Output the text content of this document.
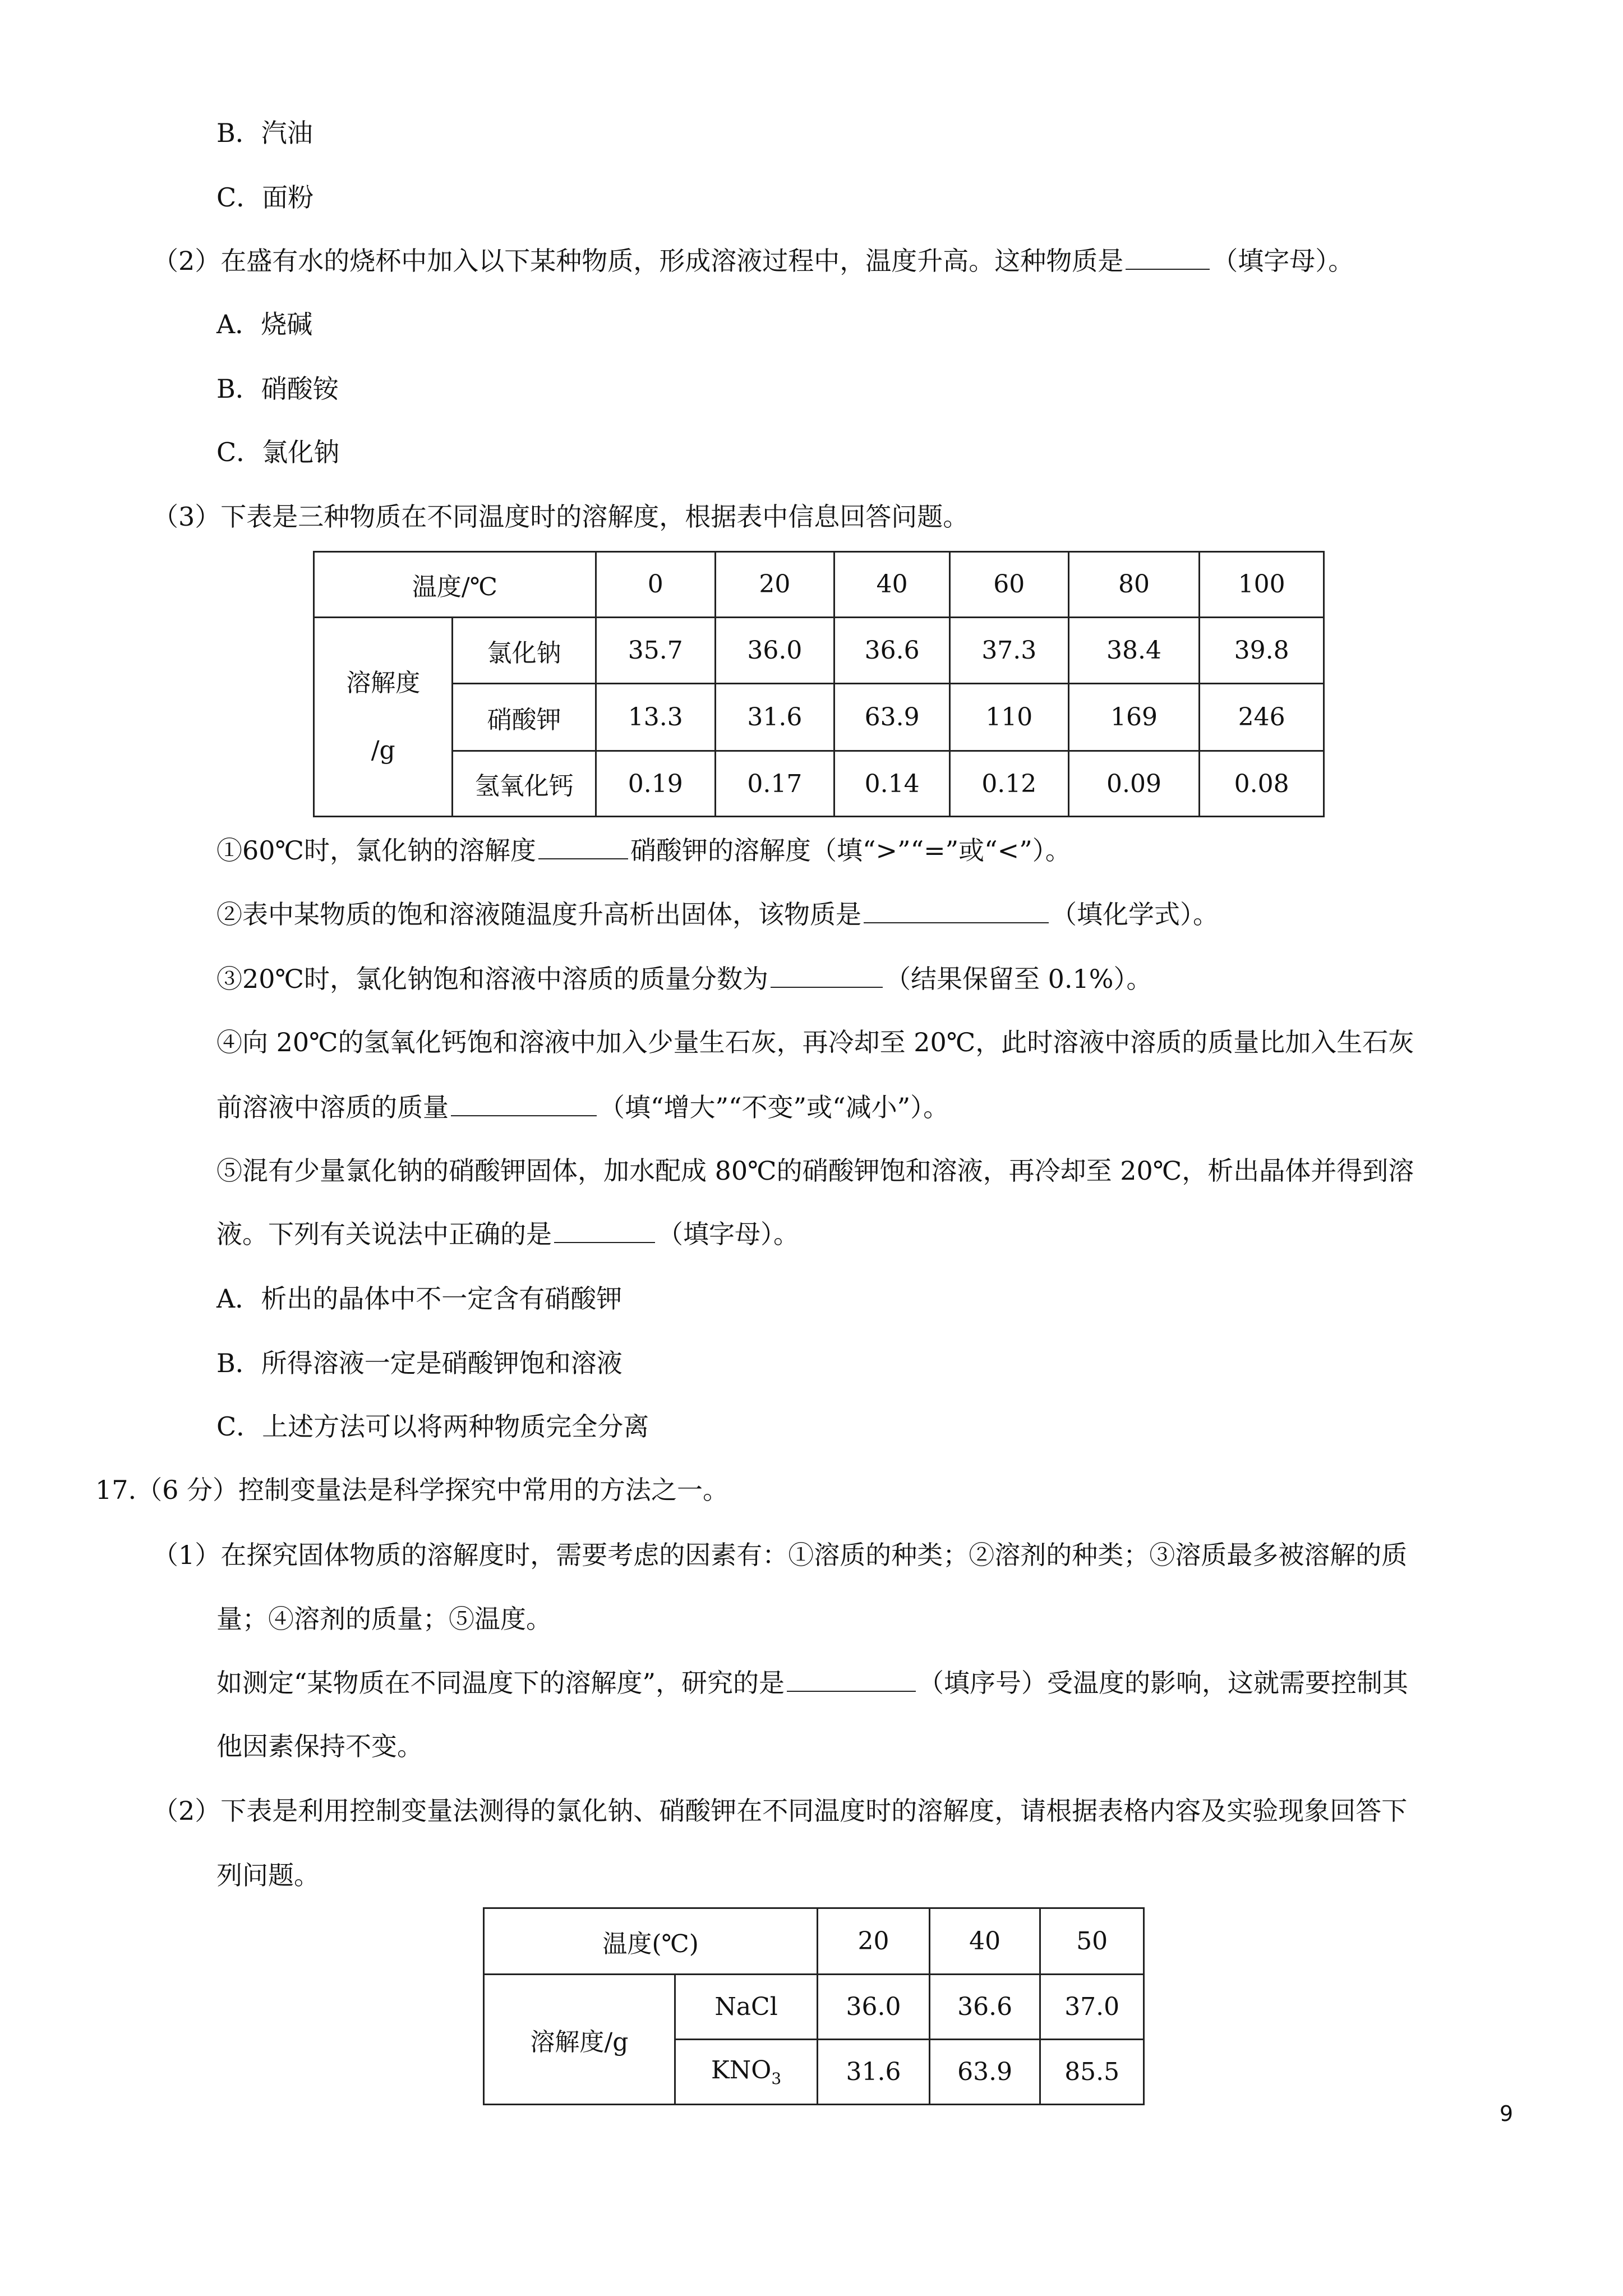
B．汽油
C．面粉
（2）在盛有水的烧杯中加入以下某种物质，形成溶液过程中，温度升高。这种物质是	（填字母）。
A．烧碱
B．硝酸铵
C．氯化钠
（3）下表是三种物质在不同温度时的溶解度，根据表中信息回答问题。
温度/℃		0	20	40	60	80	100

溶解度
/g	氯化钠	35.7	36.0	36.6	37.3	38.4	39.8
	硝酸钾	13.3	31.6	63.9	110	169	246
	氢氧化钙	0.19	0.17	0.14	0.12	0.09	0.08
①60℃时，氯化钠的溶解度	硝酸钾的溶解度（填“>”“=”或“<”）。
②表中某物质的饱和溶液随温度升高析出固体，该物质是	（填化学式）。
③20℃时，氯化钠饱和溶液中溶质的质量分数为	（结果保留至 0.1%）。
④向 20℃的氢氧化钙饱和溶液中加入少量生石灰，再冷却至 20℃，此时溶液中溶质的质量比加入生石灰
前溶液中溶质的质量	（填“增大”“不变”或“减小”）。
⑤混有少量氯化钠的硝酸钾固体，加水配成 80℃的硝酸钾饱和溶液，再冷却至 20℃，析出晶体并得到溶
液。下列有关说法中正确的是	（填字母）。
A．析出的晶体中不一定含有硝酸钾
B．所得溶液一定是硝酸钾饱和溶液
C．上述方法可以将两种物质完全分离
17.（6 分）控制变量法是科学探究中常用的方法之一。
（1）在探究固体物质的溶解度时，需要考虑的因素有：①溶质的种类；②溶剂的种类；③溶质最多被溶解的质
量；④溶剂的质量；⑤温度。
如测定“某物质在不同温度下的溶解度”，研究的是	（填序号）受温度的影响，这就需要控制其
他因素保持不变。
（2）下表是利用控制变量法测得的氯化钠、硝酸钾在不同温度时的溶解度，请根据表格内容及实验现象回答下
列问题。
温度(℃)		20	40	50
溶解度/g	NaCl	36.0	36.6	37.0
	$KNO_3$	31.6	63.9	85.5
9
